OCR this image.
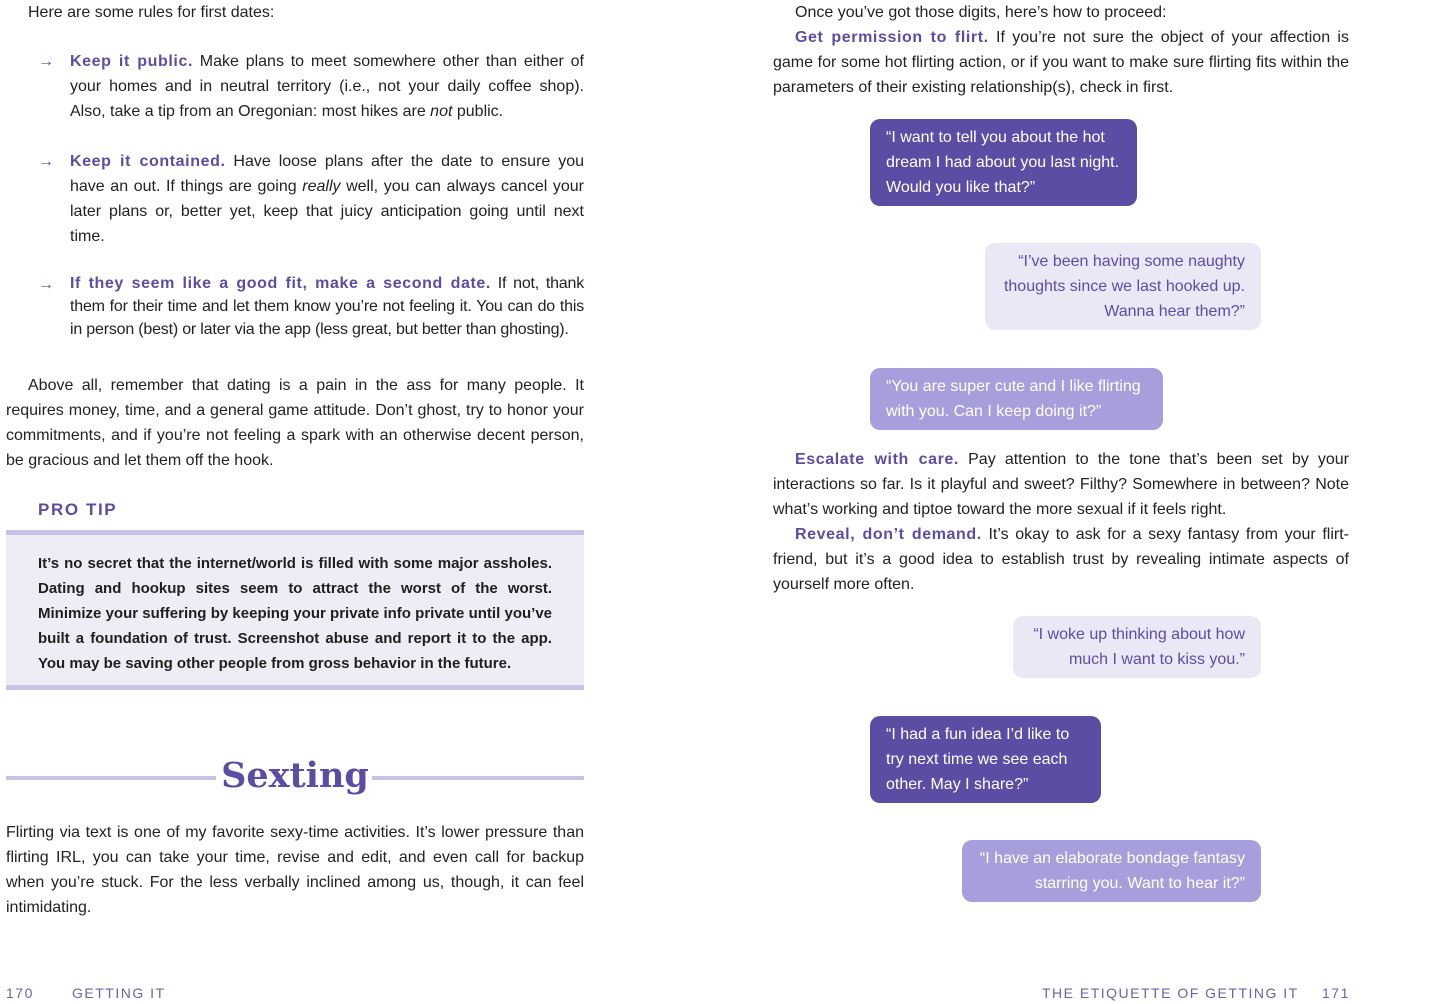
Here are some rules for first dates:
→ Keep it public. Make plans to meet somewhere other than either of your homes and in neutral territory (i.e., not your daily coffee shop). Also, take a tip from an Oregonian: most hikes are not public.

→ Keep it contained. Have loose plans after the date to ensure you have an out. If things are going really well, you can always cancel your later plans or, better yet, keep that juicy anticipation going until next time.

→ If they seem like a good fit, make a second date. If not, thank them for their time and let them know you’re not feeling it. You can do this in person (best) or later via the app (less great, but better than ghosting).

Above all, remember that dating is a pain in the ass for many people. It requires money, time, and a general game attitude. Don’t ghost, try to honor your commitments, and if you’re not feeling a spark with an otherwise decent person, be gracious and let them off the hook.

PRO TIP

It’s no secret that the internet/world is filled with some major assholes. Dating and hookup sites seem to attract the worst of the worst. Minimize your suffering by keeping your private info private until you’ve built a foundation of trust. Screenshot abuse and report it to the app. You may be saving other people from gross behavior in the future.

Sexting

Flirting via text is one of my favorite sexy-time activities. It’s lower pressure than flirting IRL, you can take your time, revise and edit, and even call for backup when you’re stuck. For the less verbally inclined among us, though, it can feel intimidating.

170	GETTING IT
Once you’ve got those digits, here’s how to proceed:

Get permission to flirt. If you’re not sure the object of your affection is game for some hot flirting action, or if you want to make sure flirting fits within the parameters of their existing relationship(s), check in first.

“I want to tell you about the hot dream I had about you last night. Would you like that?”
“I’ve been having some naughty thoughts since we last hooked up. Wanna hear them?”
“You are super cute and I like flirting with you. Can I keep doing it?”

Escalate with care. Pay attention to the tone that’s been set by your interactions so far. Is it playful and sweet? Filthy? Somewhere in between? Note what’s working and tiptoe toward the more sexual if it feels right.

Reveal, don’t demand. It’s okay to ask for a sexy fantasy from your flirt-friend, but it’s a good idea to establish trust by revealing intimate aspects of yourself more often.

“I woke up thinking about how much I want to kiss you.”
“I had a fun idea I’d like to try next time we see each other. May I share?”
“I have an elaborate bondage fantasy starring you. Want to hear it?”
THE ETIQUETTE OF GETTING IT 171
